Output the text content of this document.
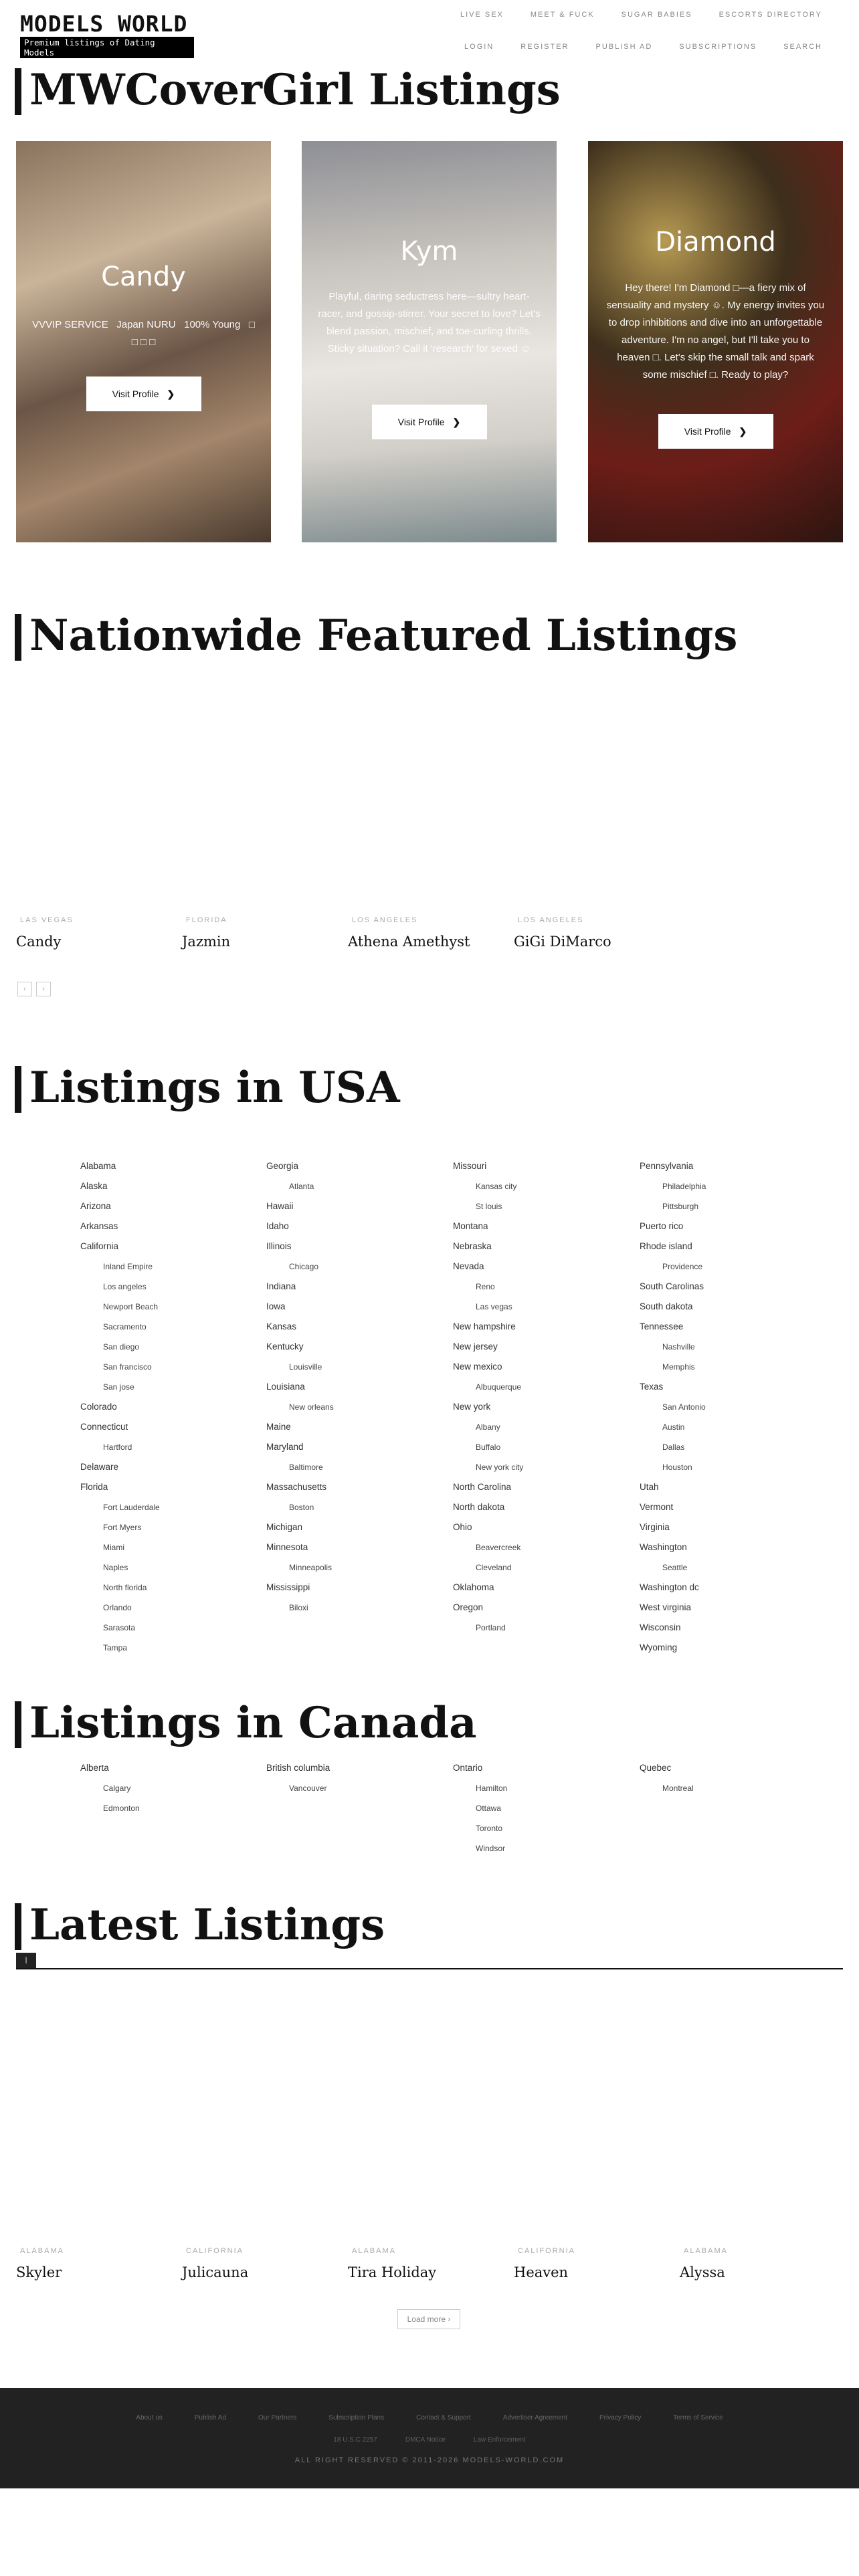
MODELS WORLD
Premium listings of Dating Models
LIVE SEX	MEET & FUCK	SUGAR BABIES	ESCORTS DIRECTORY
LOGIN	REGISTER	PUBLISH AD	SUBSCRIPTIONS	SEARCH
MWCoverGirl Listings
Candy
VVVIP SERVICE   Japan NURU   100% Young   □ □ □ □
Visit Profile ❯
Kym
Playful, daring seductress here—sultry heart-racer, and gossip-stirrer. Your secret to love? Let's blend passion, mischief, and toe-curling thrills. Sticky situation? Call it 'research' for sexed ☺
Visit Profile ❯
Diamond
Hey there! I'm Diamond □—a fiery mix of sensuality and mystery ☺. My energy invites you to drop inhibitions and dive into an unforgettable adventure. I'm no angel, but I'll take you to heaven □. Let's skip the small talk and spark some mischief □. Ready to play?
Visit Profile ❯
Nationwide Featured Listings
LAS VEGAS
Candy
FLORIDA
Jazmin
LOS ANGELES
Athena Amethyst
LOS ANGELES
GiGi DiMarco
‹	›
Listings in USA
Alabama
Alaska
Arizona
Arkansas
California
Inland Empire
Los angeles
Newport Beach
Sacramento
San diego
San francisco
San jose
Colorado
Connecticut
Hartford
Delaware
Florida
Fort Lauderdale
Fort Myers
Miami
Naples
North florida
Orlando
Sarasota
Tampa
Georgia
Atlanta
Hawaii
Idaho
Illinois
Chicago
Indiana
Iowa
Kansas
Kentucky
Louisville
Louisiana
New orleans
Maine
Maryland
Baltimore
Massachusetts
Boston
Michigan
Minnesota
Minneapolis
Mississippi
Biloxi
Missouri
Kansas city
St louis
Montana
Nebraska
Nevada
Reno
Las vegas
New hampshire
New jersey
New mexico
Albuquerque
New york
Albany
Buffalo
New york city
North Carolina
North dakota
Ohio
Beavercreek
Cleveland
Oklahoma
Oregon
Portland
Pennsylvania
Philadelphia
Pittsburgh
Puerto rico
Rhode island
Providence
South Carolinas
South dakota
Tennessee
Nashville
Memphis
Texas
San Antonio
Austin
Dallas
Houston
Utah
Vermont
Virginia
Washington
Seattle
Washington dc
West virginia
Wisconsin
Wyoming
Listings in Canada
Alberta
Calgary
Edmonton
British columbia
Vancouver
Ontario
Hamilton
Ottawa
Toronto
Windsor
Quebec
Montreal
Latest Listings
|
ALABAMA
Skyler
CALIFORNIA
Julicauna
ALABAMA
Tira Holiday
CALIFORNIA
Heaven
ALABAMA
Alyssa
Load more ›
About us	Publish Ad	Our Partners	Subscription Plans	Contact & Support	Advertiser Agreement	Privacy Policy	Terms of Service
18 U.S.C 2257	DMCA Notice	Law Enforcement
ALL RIGHT RESERVED © 2011-2026 MODELS-WORLD.COM
